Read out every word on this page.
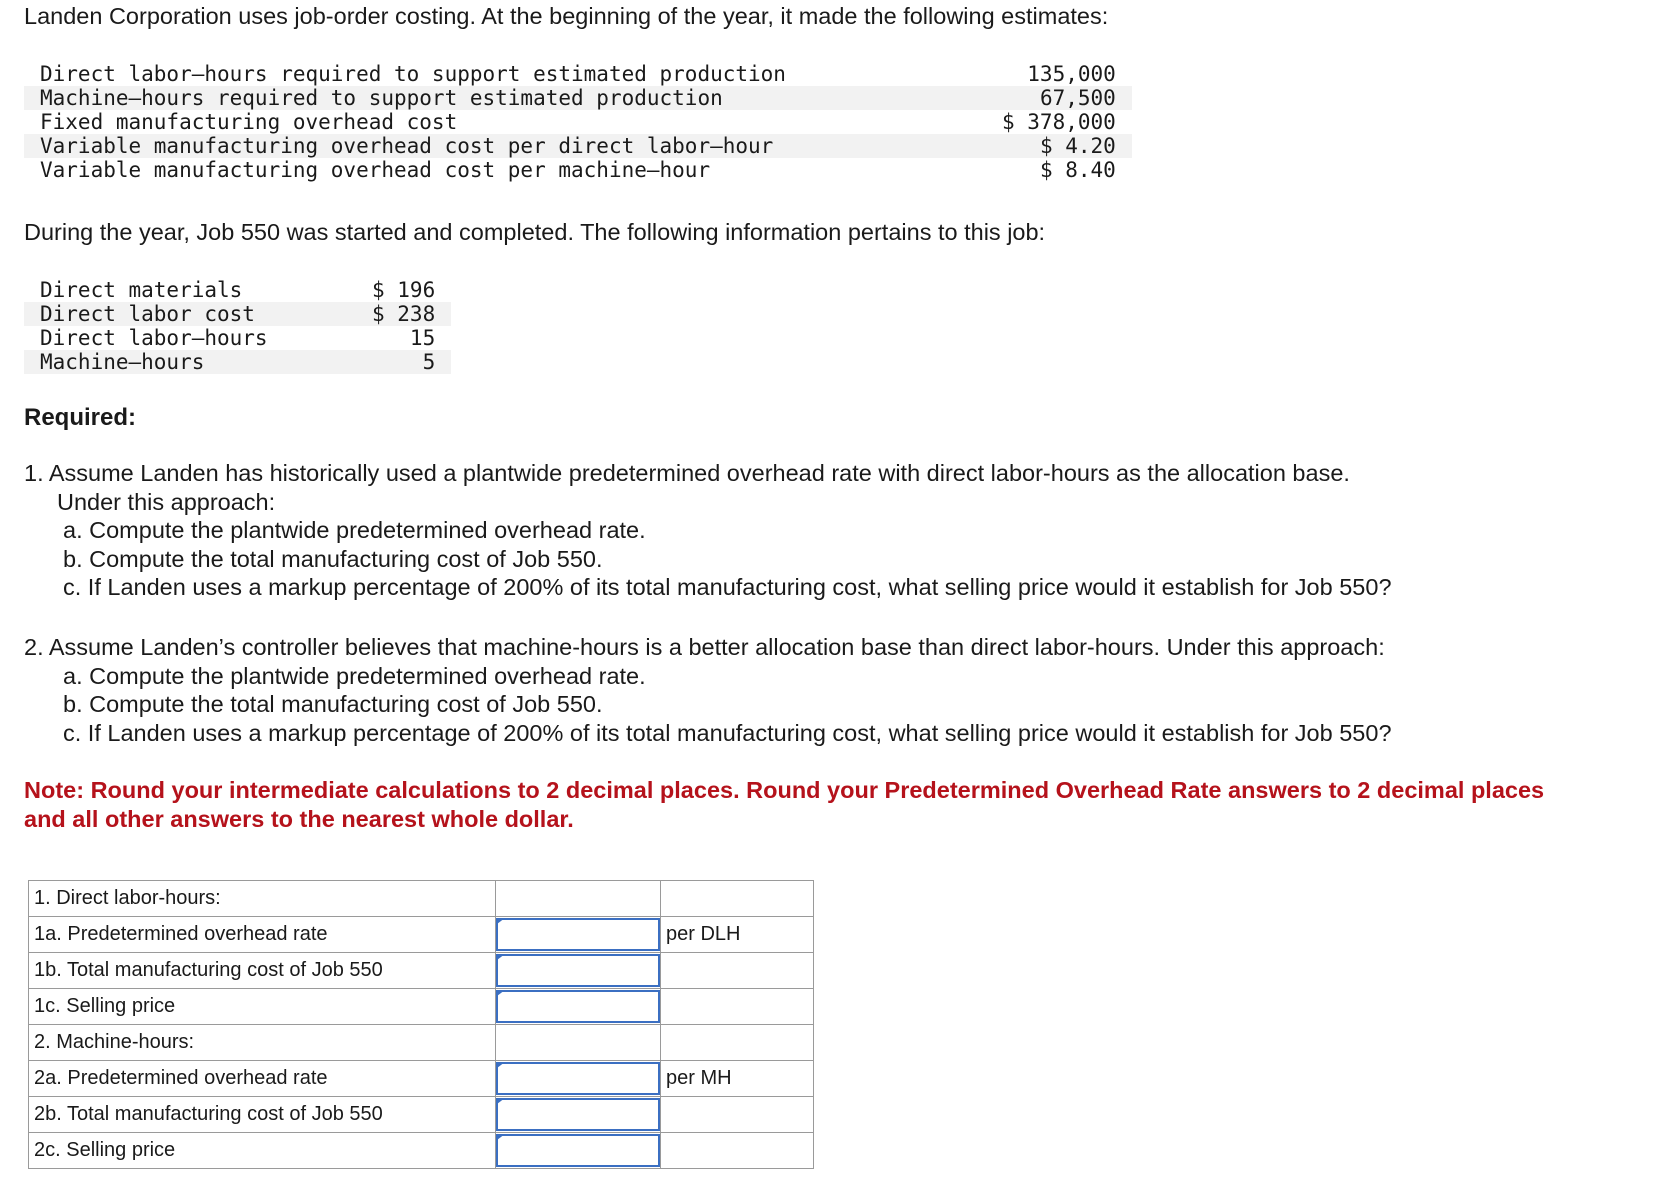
Landen Corporation uses job-order costing. At the beginning of the year, it made the following estimates:
Direct labor–hours required to support estimated production	135,000
Machine–hours required to support estimated production	67,500
Fixed manufacturing overhead cost	$ 378,000
Variable manufacturing overhead cost per direct labor–hour	$ 4.20
Variable manufacturing overhead cost per machine–hour	$ 8.40
During the year, Job 550 was started and completed. The following information pertains to this job:
Direct materials	$ 196
Direct labor cost	$ 238
Direct labor–hours	15
Machine–hours	5
Required:
1. Assume Landen has historically used a plantwide predetermined overhead rate with direct labor-hours as the allocation base.
Under this approach:
a. Compute the plantwide predetermined overhead rate.
b. Compute the total manufacturing cost of Job 550.
c. If Landen uses a markup percentage of 200% of its total manufacturing cost, what selling price would it establish for Job 550?
2. Assume Landen’s controller believes that machine-hours is a better allocation base than direct labor-hours. Under this approach:
a. Compute the plantwide predetermined overhead rate.
b. Compute the total manufacturing cost of Job 550.
c. If Landen uses a markup percentage of 200% of its total manufacturing cost, what selling price would it establish for Job 550?
Note: Round your intermediate calculations to 2 decimal places. Round your Predetermined Overhead Rate answers to 2 decimal places and all other answers to the nearest whole dollar.
1. Direct labor-hours:		
1a. Predetermined overhead rate		per DLH
1b. Total manufacturing cost of Job 550	

1c. Selling price	

2. Machine-hours:		
2a. Predetermined overhead rate		per MH
2b. Total manufacturing cost of Job 550	

2c. Selling price	
